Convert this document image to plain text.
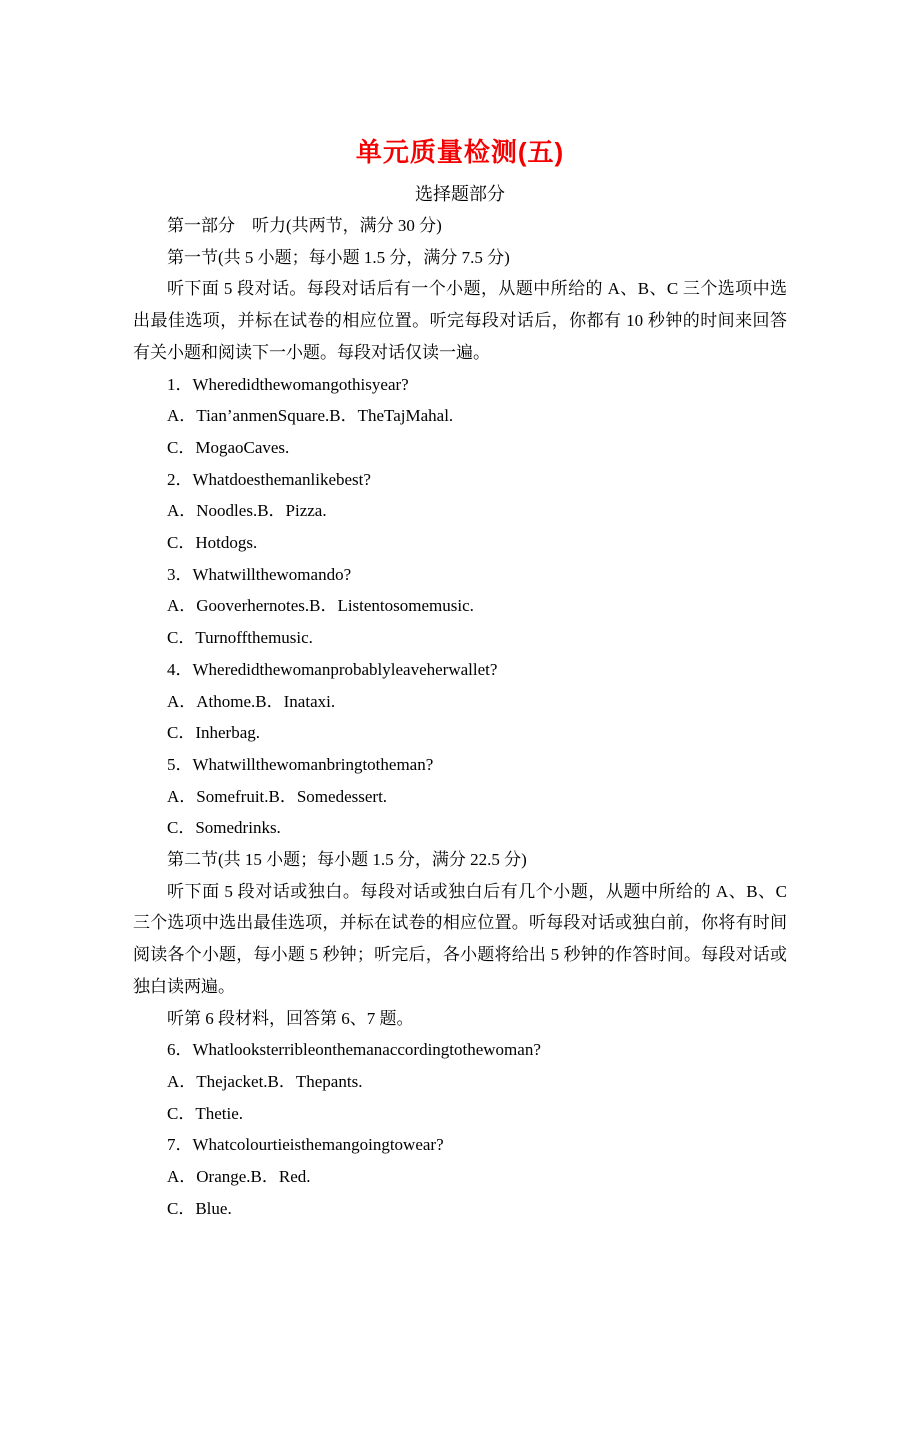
单元质量检测(五)
选择题部分

第一部分　听力(共两节，满分 30 分)

第一节(共 5 小题；每小题 1.5 分，满分 7.5 分)

听下面 5 段对话。每段对话后有一个小题，从题中所给的 A、B、C 三个选项中选出最佳选项，并标在试卷的相应位置。听完每段对话后，你都有 10 秒钟的时间来回答有关小题和阅读下一小题。每段对话仅读一遍。

1．Wheredidthewomangothisyear?

A．Tian’anmenSquare.B．TheTajMahal.

C．MogaoCaves.

2．Whatdoesthemanlikebest?

A．Noodles.B．Pizza.

C．Hotdogs.

3．Whatwillthewomando?

A．Gooverhernotes.B．Listentosomemusic.

C．Turnoffthemusic.

4．Wheredidthewomanprobablyleaveherwallet?

A．Athome.B．Inataxi.

C．Inherbag.

5．Whatwillthewomanbringtotheman?

A．Somefruit.B．Somedessert.

C．Somedrinks.

第二节(共 15 小题；每小题 1.5 分，满分 22.5 分)

听下面 5 段对话或独白。每段对话或独白后有几个小题，从题中所给的 A、B、C 三个选项中选出最佳选项，并标在试卷的相应位置。听每段对话或独白前，你将有时间阅读各个小题，每小题 5 秒钟；听完后，各小题将给出 5 秒钟的作答时间。每段对话或独白读两遍。

听第 6 段材料，回答第 6、7 题。

6．Whatlooksterribleonthemanaccordingtothewoman?

A．Thejacket.B．Thepants.

C．Thetie.

7．Whatcolourtieisthemangoingtowear?

A．Orange.B．Red.

C．Blue.
